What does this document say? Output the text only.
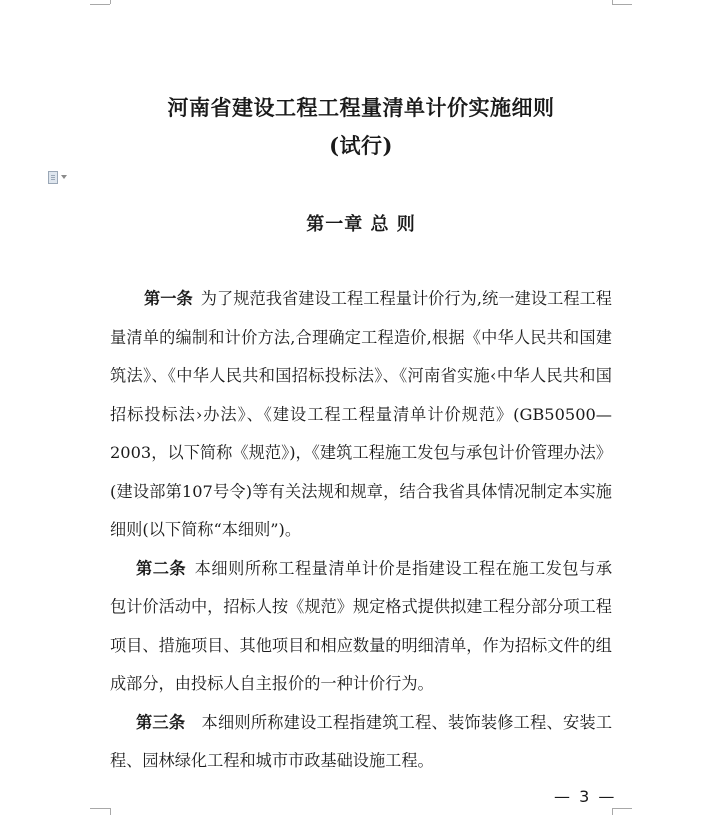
河南省建设工程工程量清单计价实施细则
(试行)
第一章 总 则

第一条 为了规范我省建设工程工程量计价行为,统一建设工程工程量清单的编制和计价方法,合理确定工程造价,根据《中华人民共和国建筑法》、《中华人民共和国招标投标法》、《河南省实施‹中华人民共和国招标投标法›办法》、《建设工程工程量清单计价规范》(GB50500—2003，以下简称《规范》)，《建筑工程施工发包与承包计价管理办法》(建设部第107号令)等有关法规和规章，结合我省具体情况制定本实施细则(以下简称“本细则”)。

第二条 本细则所称工程量清单计价是指建设工程在施工发包与承包计价活动中，招标人按《规范》规定格式提供拟建工程分部分项工程项目、措施项目、其他项目和相应数量的明细清单，作为招标文件的组成部分，由投标人自主报价的一种计价行为。

第三条 本细则所称建设工程指建筑工程、装饰装修工程、安装工程、园林绿化工程和城市市政基础设施工程。

— 3 —
